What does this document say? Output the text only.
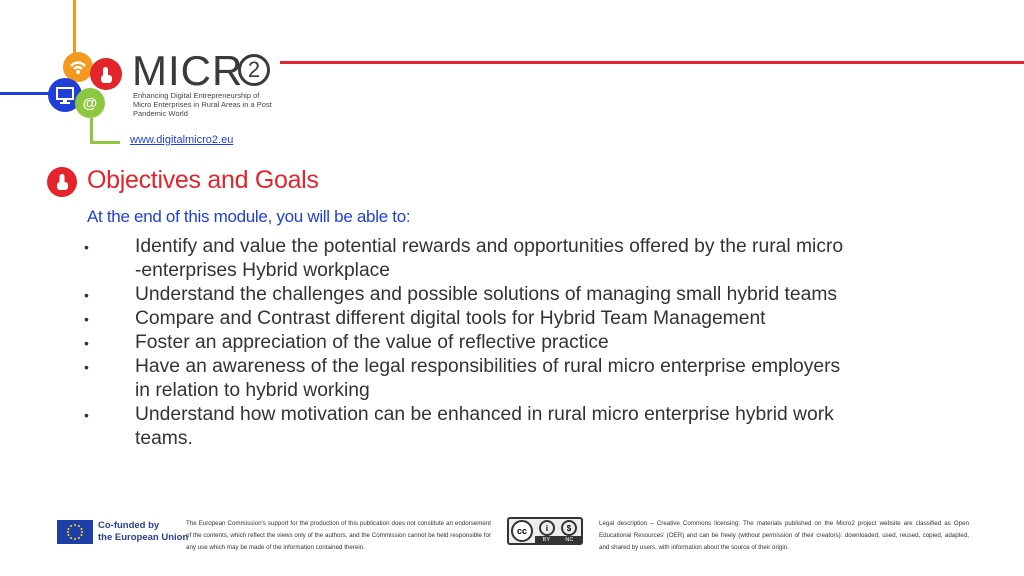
@
MICR 2
Enhancing Digital Entrepreneurship of Micro Enterprises in Rural Areas in a Post Pandemic World
www.digitalmicro2.eu
Objectives and Goals
At the end of this module, you will be able to:
• Identify and value the potential rewards and opportunities offered by the rural micro -enterprises Hybrid workplace
• Understand the challenges and possible solutions of managing small hybrid teams
• Compare and Contrast different digital tools for Hybrid Team Management
• Foster an appreciation of the value of reflective practice
• Have an awareness of the legal responsibilities of rural micro enterprise employers in relation to hybrid working
• Understand how motivation can be enhanced in rural micro enterprise hybrid work teams.
Co-funded by
the European Union
The European Commission's support for the production of this publication does not constitute an endorsement of the contents, which reflect the views only of the authors, and the Commission cannot be held responsible for any use which may be made of the information contained therein.
cc	i	$
BY	NC
Legal description – Creative Commons licensing: The materials published on the Micro2 project website are classified as Open Educational Resources' (OER) and can be freely (without permission of their creators): downloaded, used, reused, copied, adapted, and shared by users, with information about the source of their origin.
